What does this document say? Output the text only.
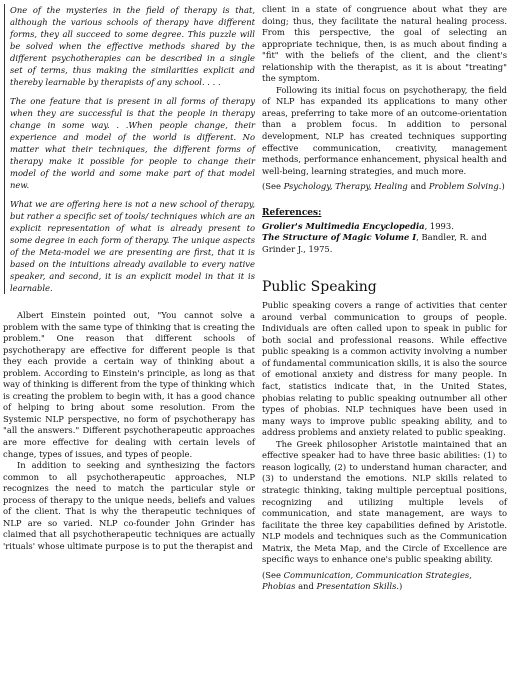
One of the mysteries in the field of therapy is that, although the various schools of therapy have different forms, they all succeed to some degree. This puzzle will be solved when the effective methods shared by the different psychotherapies can be described in a single set of terms, thus making the similarities explicit and thereby learnable by therapists of any school. . . .

The one feature that is present in all forms of therapy when they are successful is that the people in therapy change in some way. . .When people change, their experience and model of the world is different. No matter what their techniques, the different forms of therapy make it possible for people to change their model of the world and some make part of that model new.

What we are offering here is not a new school of therapy, but rather a specific set of tools/ techniques which are an explicit representation of what is already present to some degree in each form of therapy. The unique aspects of the Meta-model we are presenting are first, that it is based on the intuitions already available to every native speaker, and second, it is an explicit model in that it is learnable.

Albert Einstein pointed out, "You cannot solve a problem with the same type of thinking that is creating the problem." One reason that different schools of psychotherapy are effective for different people is that they each provide a certain way of thinking about a problem. According to Einstein's principle, as long as that way of thinking is different from the type of thinking which is creating the problem to begin with, it has a good chance of helping to bring about some resolution. From the Systemic NLP perspective, no form of psychotherapy has "all the answers." Different psychotherapeutic approaches are more effective for dealing with certain levels of change, types of issues, and types of people.

In addition to seeking and synthesizing the factors common to all psychotherapeutic approaches, NLP recognizes the need to match the particular style or process of therapy to the unique needs, beliefs and values of the client. That is why the therapeutic techniques of NLP are so varied. NLP co-founder John Grinder has claimed that all psychotherapeutic techniques are actually 'rituals' whose ultimate purpose is to put the therapist and

client in a state of congruence about what they are doing; thus, they facilitate the natural healing process. From this perspective, the goal of selecting an appropriate technique, then, is as much about finding a "fit" with the beliefs of the client, and the client's relationship with the therapist, as it is about "treating" the symptom.

Following its initial focus on psychotherapy, the field of NLP has expanded its applications to many other areas, preferring to take more of an outcome-orientation than a problem focus. In addition to personal development, NLP has created techniques supporting effective communication, creativity, management methods, performance enhancement, physical health and well-being, learning strategies, and much more.

(See Psychology, Therapy, Healing and Problem Solving.)

References:

Grolier's Multimedia Encyclopedia, 1993.

The Structure of Magic Volume I, Bandler, R. and Grinder J., 1975.

Public Speaking

Public speaking covers a range of activities that center around verbal communication to groups of people. Individuals are often called upon to speak in public for both social and professional reasons. While effective public speaking is a common activity involving a number of fundamental communication skills, it is also the source of emotional anxiety and distress for many people. In fact, statistics indicate that, in the United States, phobias relating to public speaking outnumber all other types of phobias. NLP techniques have been used in many ways to improve public speaking ability, and to address problems and anxiety related to public speaking.

The Greek philosopher Aristotle maintained that an effective speaker had to have three basic abilities: (1) to reason logically, (2) to understand human character, and (3) to understand the emotions. NLP skills related to strategic thinking, taking multiple perceptual positions, recognizing and utilizing multiple levels of communication, and state management, are ways to facilitate the three key capabilities defined by Aristotle. NLP models and techniques such as the Communication Matrix, the Meta Map, and the Circle of Excellence are specific ways to enhance one's public speaking ability.

(See Communication, Communication Strategies, Phobias and Presentation Skills.)
